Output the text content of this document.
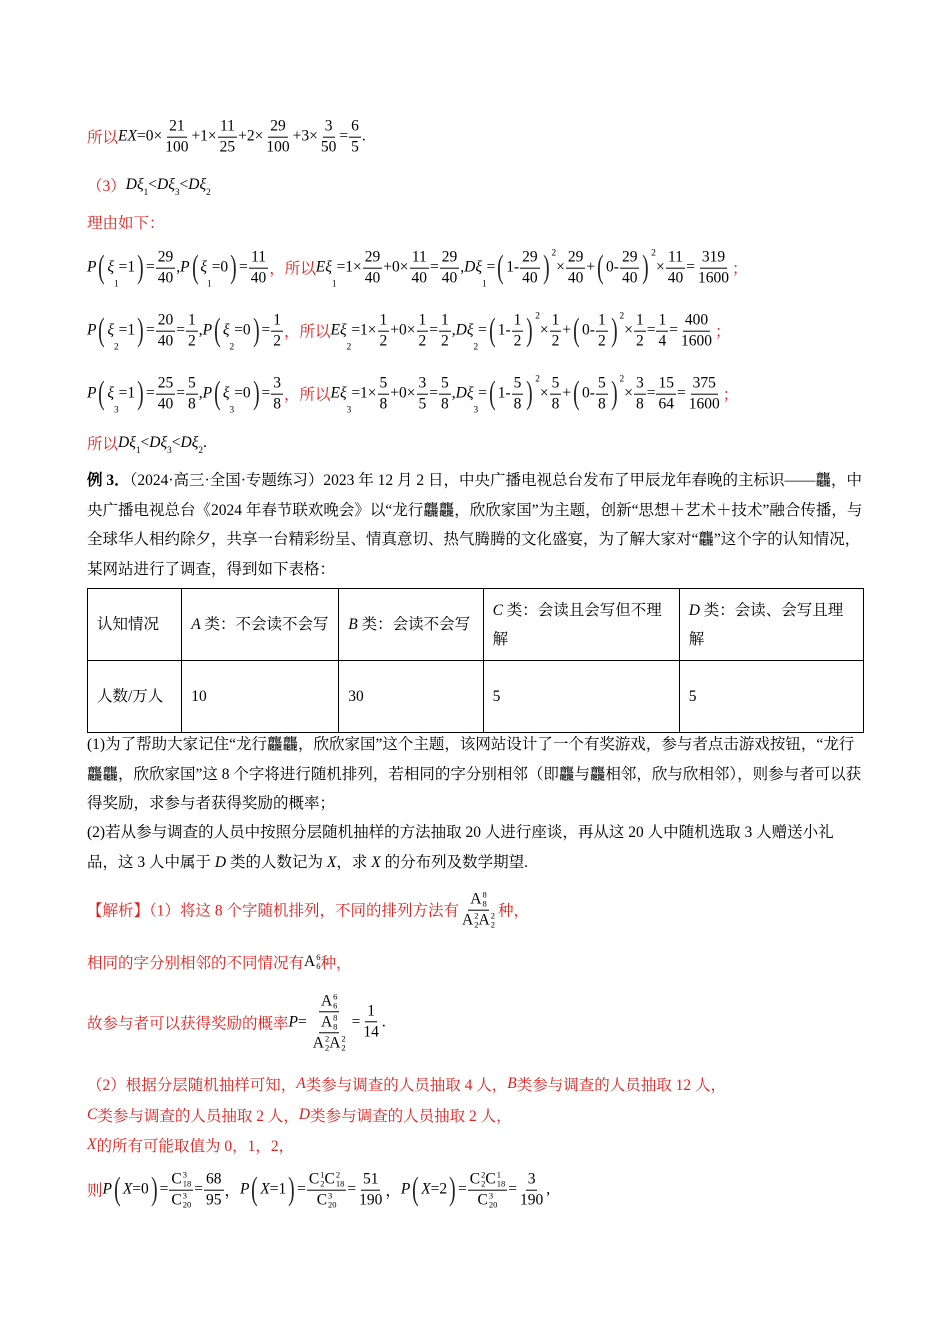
所以 EX $=0\times \frac{21}{100} +1\times \frac{11}{25} +2\times \frac{29}{100} +3\times \frac{3}{50} = \frac{6}{5}$ .
（3） Dξ 1 < Dξ 3 < Dξ 2
理由如下：
P ( ξ
1
=1 ) = $\frac{29}{40}$ , P ( ξ
1
=0 ) = $\frac{11}{40}$ ，所以 Eξ
1
$=1\times \frac{29}{40} +0\times \frac{11}{40} = \frac{29}{40}$ , Dξ
1
= ( $1- \frac{29}{40}$ ) 2
× $\frac{29}{40}$ + ( $0- \frac{29}{40}$ ) 2
× $\frac{11}{40} = \frac{319}{1600}$ ；
P ( ξ
2
=1 ) = $\frac{20}{40} = \frac{1}{2}$ , P ( ξ
2
=0 ) = $\frac{1}{2}$ ，所以 Eξ
2
$=1\times \frac{1}{2} +0\times \frac{1}{2} = \frac{1}{2}$ , Dξ
2
= ( $1- \frac{1}{2}$ ) 2
× $\frac{1}{2}$ + ( $0- \frac{1}{2}$ ) 2
× $\frac{1}{2} = \frac{1}{4} = \frac{400}{1600}$ ；
P ( ξ
3
=1 ) = $\frac{25}{40} = \frac{5}{8}$ , P ( ξ
3
=0 ) = $\frac{3}{8}$ ，所以 Eξ
3
$=1\times \frac{5}{8} +0\times \frac{3}{5} = \frac{5}{8}$ , Dξ
3
= ( $1- \frac{5}{8}$ ) 2
× $\frac{5}{8}$ + ( $0- \frac{5}{8}$ ) 2
× $\frac{3}{8} = \frac{15}{64} = \frac{375}{1600}$ ；
所以 Dξ 1 < Dξ 3 < Dξ 2 .
【解析】（1）将这 8 个字随机排列，不同的排列方法有 A 8
8
A 2
2 A 2
2 种，
相同的字分别相邻的不同情况有 A 6
6 种，
故参与者可以获得奖励的概率 P = A 6
6
A 8
8
A 2
2 A 2
$2 = \frac{1}{14}$ .
（2）根据分层随机抽样可知， A 类参与调查的人员抽取 4 人， B 类参与调查的人员抽取 12 人，
C 类参与调查的人员抽取 2 人， D 类参与调查的人员抽取 2 人，
X 的所有可能取值为 0，1，2，
则 P ( X =0 ) = C 3
18
C 3
$20 = \frac{68}{95}$ ， P ( X =1 ) = C 1
2 C 2
18
C 3
$20 = \frac{51}{190}$ ， P ( X =2 ) = C 2
2 C 1
18
C 3
$20 = \frac{3}{190}$ ,
例 3．（2024·高三·全国·专题练习）2023 年 12 月 2 日，中央广播电视总台发布了甲辰龙年春晚的主标识——龘，中央广播电视总台《2024 年春节联欢晚会》以“龙行龘龘，欣欣家国”为主题，创新“思想＋艺术＋技术”融合传播，与全球华人相约除夕，共享一台精彩纷呈、情真意切、热气腾腾的文化盛宴，为了解大家对“龘”这个字的认知情况，某网站进行了调查，得到如下表格：
认知情况	A 类：不会读不会写	B 类：会读不会写	C 类：会读且会写但不理解	D 类：会读、会写且理解
人数/万人	10	30	5	5
(1)为了帮助大家记住“龙行龘龘，欣欣家国”这个主题，该网站设计了一个有奖游戏，参与者点击游戏按钮，“龙行龘龘，欣欣家国”这 8 个字将进行随机排列，若相同的字分别相邻（即龘与龘相邻，欣与欣相邻），则参与者可以获得奖励，求参与者获得奖励的概率；
(2)若从参与调查的人员中按照分层随机抽样的方法抽取 20 人进行座谈，再从这 20 人中随机选取 3 人赠送小礼品，这 3 人中属于 D 类的人数记为 X，求 X 的分布列及数学期望.
